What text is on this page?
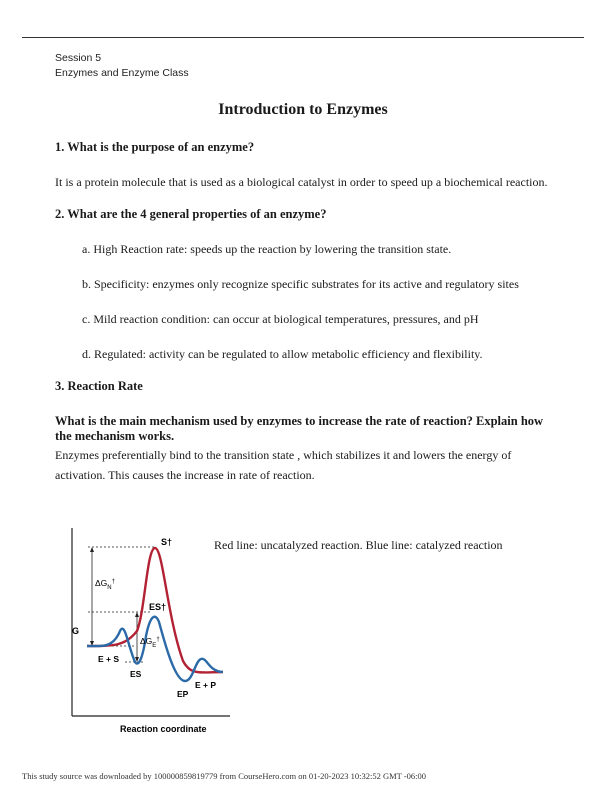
Session 5
Enzymes and Enzyme Class
Introduction to Enzymes
1. What is the purpose of an enzyme?
It is a protein molecule that is used as a biological catalyst in order to speed up a biochemical reaction.
2. What are the 4 general properties of an enzyme?
a. High Reaction rate: speeds up the reaction by lowering the transition state.
b. Specificity: enzymes only recognize specific substrates for its active and regulatory sites
c. Mild reaction condition: can occur at biological temperatures, pressures, and pH
d. Regulated: activity can be regulated to allow metabolic efficiency and flexibility.
3. Reaction Rate
What is the main mechanism used by enzymes to increase the rate of reaction? Explain how the mechanism works.
Enzymes preferentially bind to the transition state , which stabilizes it and lowers the energy of activation. This causes the increase in rate of reaction.
Red line: uncatalyzed reaction. Blue line: catalyzed reaction
S†
ES†
$\Delta G_N^\dagger$
$\Delta G_E^\dagger$
G
E + S
ES
EP
E + P
Reaction coordinate
This study source was downloaded by 100000859819779 from CourseHero.com on 01-20-2023 10:32:52 GMT -06:00
